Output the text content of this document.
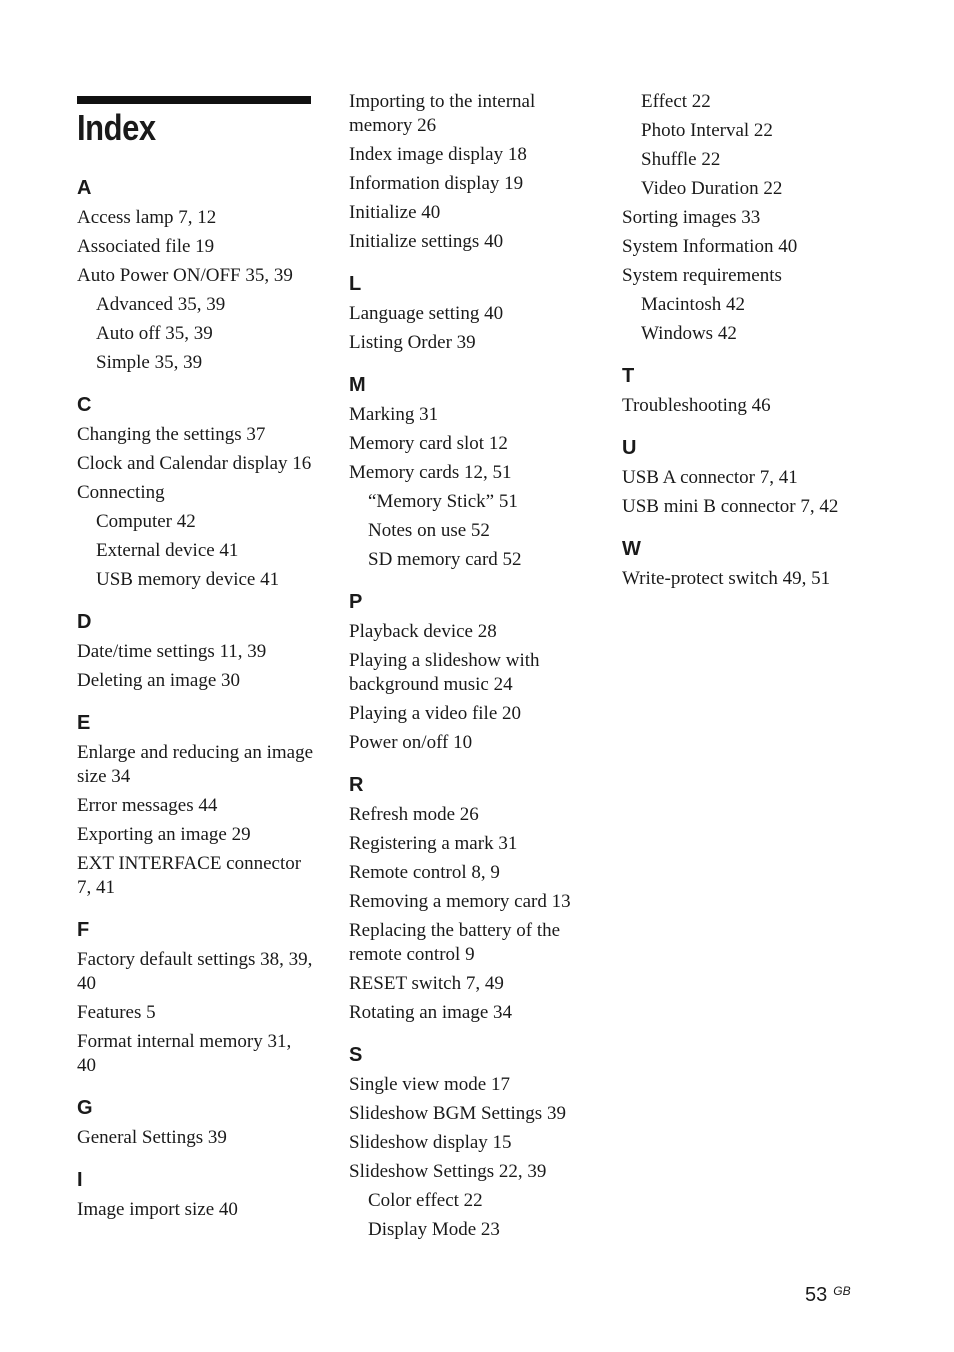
Index
A
Access lamp 7, 12
Associated file 19
Auto Power ON/OFF 35, 39
Advanced 35, 39
Auto off 35, 39
Simple 35, 39
C
Changing the settings 37
Clock and Calendar display 16
Connecting
Computer 42
External device 41
USB memory device 41
D
Date/time settings 11, 39
Deleting an image 30
E
Enlarge and reducing an image size 34
Error messages 44
Exporting an image 29
EXT INTERFACE connector 7, 41
F
Factory default settings 38, 39, 40
Features 5
Format internal memory 31, 40
G
General Settings 39
I
Image import size 40
Importing to the internal memory 26
Index image display 18
Information display 19
Initialize 40
Initialize settings 40
L
Language setting 40
Listing Order 39
M
Marking 31
Memory card slot 12
Memory cards 12, 51
“Memory Stick” 51
Notes on use 52
SD memory card 52
P
Playback device 28
Playing a slideshow with background music 24
Playing a video file 20
Power on/off 10
R
Refresh mode 26
Registering a mark 31
Remote control 8, 9
Removing a memory card 13
Replacing the battery of the remote control 9
RESET switch 7, 49
Rotating an image 34
S
Single view mode 17
Slideshow BGM Settings 39
Slideshow display 15
Slideshow Settings 22, 39
Color effect 22
Display Mode 23
Effect 22
Photo Interval 22
Shuffle 22
Video Duration 22
Sorting images 33
System Information 40
System requirements
Macintosh 42
Windows 42
T
Troubleshooting 46
U
USB A connector 7, 41
USB mini B connector 7, 42
W
Write-protect switch 49, 51
53 $^{GB}$
